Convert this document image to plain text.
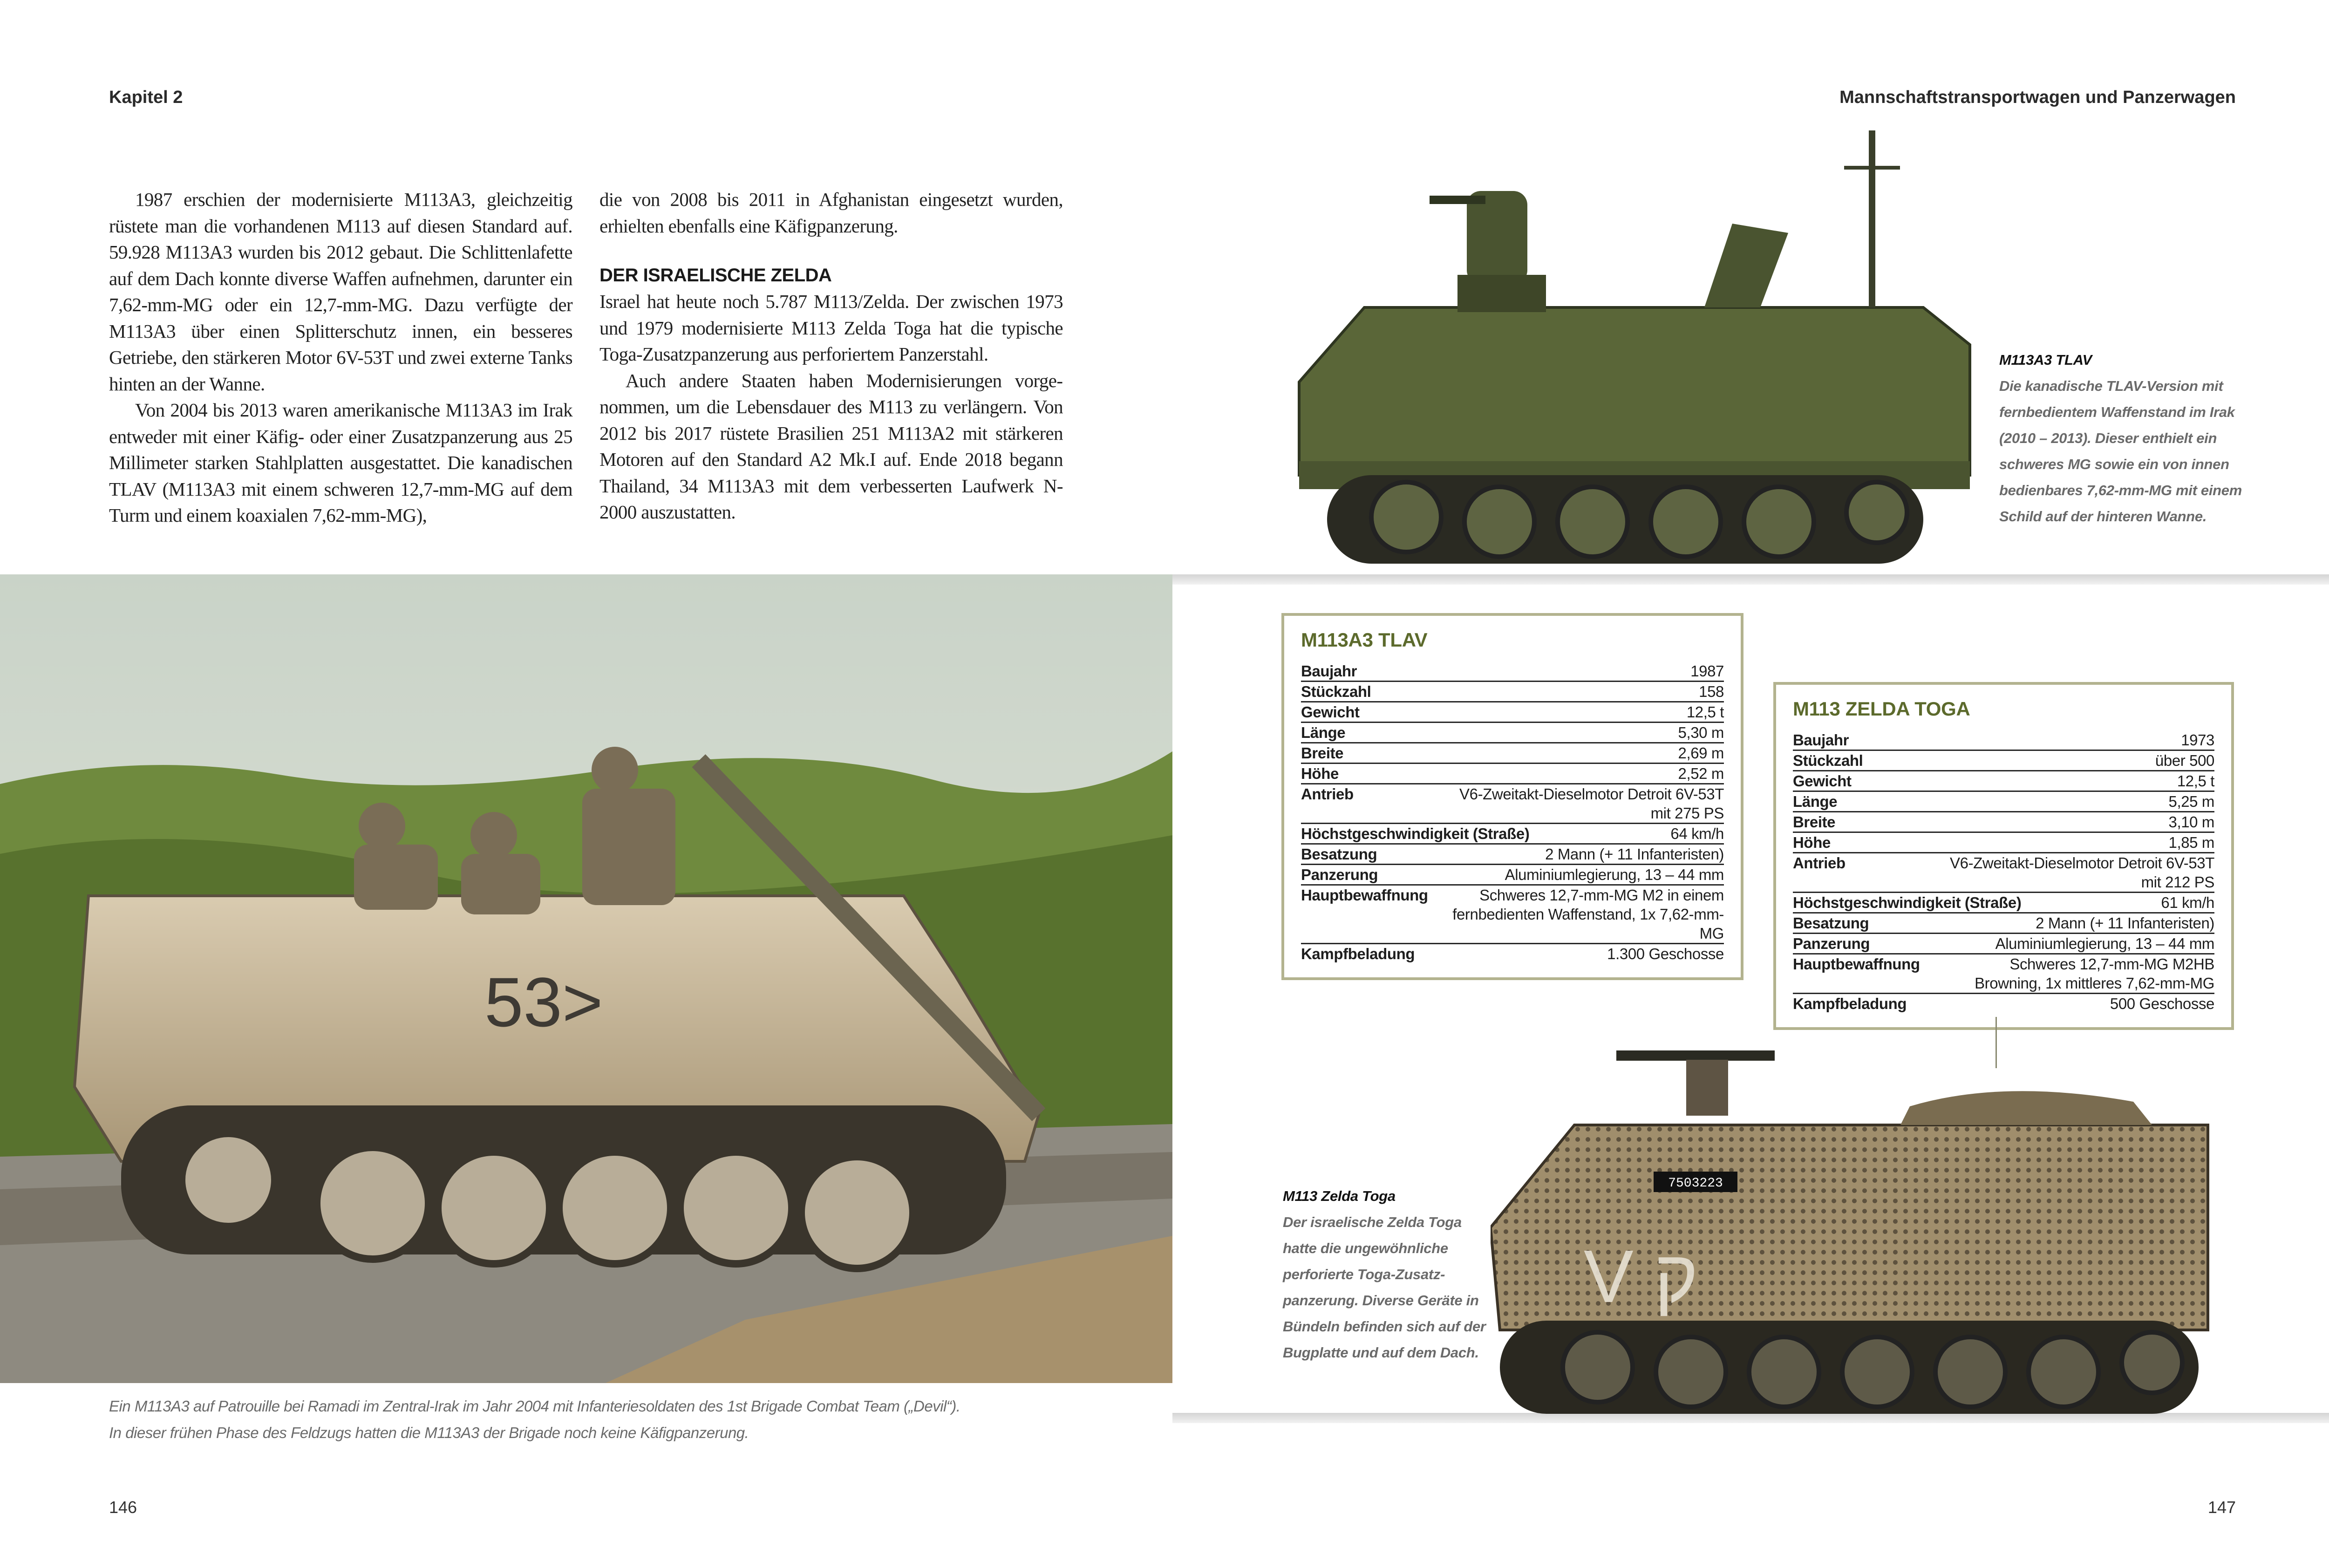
Kapitel 2	Mannschaftstransportwagen und Panzerwagen

1987 erschien der modernisierte M113A3, gleichzeitig rüstete man die vorhandenen M113 auf diesen Standard auf. 59.928 M113A3 wurden bis 2012 gebaut. Die Schlittenlafette auf dem Dach konnte diverse Waffen aufnehmen, darunter ein 7,62-mm-MG oder ein 12,7-mm-MG. Dazu verfügte der M113A3 über einen Splitterschutz innen, ein besseres Getriebe, den stärkeren Motor 6V-53T und zwei externe Tanks hinten an der Wanne.

Von 2004 bis 2013 waren amerikanische M113A3 im Irak entweder mit einer Käfig- oder einer Zusatzpanzerung aus 25 Millimeter starken Stahlplatten ausgestattet. Die kanadischen TLAV (M113A3 mit einem schweren 12,7-mm-MG auf dem Turm und einem koaxialen 7,62-mm-MG),

die von 2008 bis 2011 in Afghanistan eingesetzt wurden, erhielten ebenfalls eine Käfigpanzerung.

DER ISRAELISCHE ZELDA

Israel hat heute noch 5.787 M113/Zelda. Der zwischen 1973 und 1979 modernisierte M113 Zelda Toga hat die typische Toga-Zusatzpanzerung aus perforiertem Panzerstahl.

Auch andere Staaten haben Modernisierungen vorgenommen, um die Lebensdauer des M113 zu verlängern. Von 2012 bis 2017 rüstete Brasilien 251 M113A2 mit stärkeren Motoren auf den Standard A2 Mk.I auf. Ende 2018 begann Thailand, 34 M113A3 mit dem verbesserten Laufwerk N-2000 auszustatten.

53>
Ein M113A3 auf Patrouille bei Ramadi im Zentral-Irak im Jahr 2004 mit Infanteriesoldaten des 1st Brigade Combat Team („Devil“).
In dieser frühen Phase des Feldzugs hatten die M113A3 der Brigade noch keine Käfigpanzerung.
M113A3 TLAV
Die kanadische TLAV-Version mit fernbedientem Waffenstand im Irak (2010 – 2013). Dieser enthielt ein schweres MG sowie ein von innen bedienbares 7,62-mm-MG mit einem Schild auf der hinteren Wanne.
M113A3 TLAV
Baujahr	1987
Stückzahl	158
Gewicht	12,5 t
Länge	5,30 m
Breite	2,69 m
Höhe	2,52 m
Antrieb	V6-Zweitakt-Dieselmotor Detroit 6V-53T
mit 275 PS
Höchstgeschwindigkeit (Straße)	64 km/h
Besatzung	2 Mann (+ 11 Infanteristen)
Panzerung	Aluminiumlegierung, 13 – 44 mm
Hauptbewaffnung	Schweres 12,7-mm-MG M2 in einem
fernbedienten Waffenstand, 1x 7,62-mm-MG
Kampfbeladung	1.300 Geschosse
M113 ZELDA TOGA
Baujahr	1973
Stückzahl	über 500
Gewicht	12,5 t
Länge	5,25 m
Breite	3,10 m
Höhe	1,85 m
Antrieb	V6-Zweitakt-Dieselmotor Detroit 6V-53T
mit 212 PS
Höchstgeschwindigkeit (Straße)	61 km/h
Besatzung	2 Mann (+ 11 Infanteristen)
Panzerung	Aluminiumlegierung, 13 – 44 mm
Hauptbewaffnung	Schweres 12,7-mm-MG M2HB
Browning, 1x mittleres 7,62-mm-MG
Kampfbeladung	500 Geschosse
7503223
V ק
M113 Zelda Toga
Der israelische Zelda Toga hatte die ungewöhnliche perforierte Toga-Zusatzpanzerung. Diverse Geräte in Bündeln befinden sich auf der Bugplatte und auf dem Dach.
146	147
